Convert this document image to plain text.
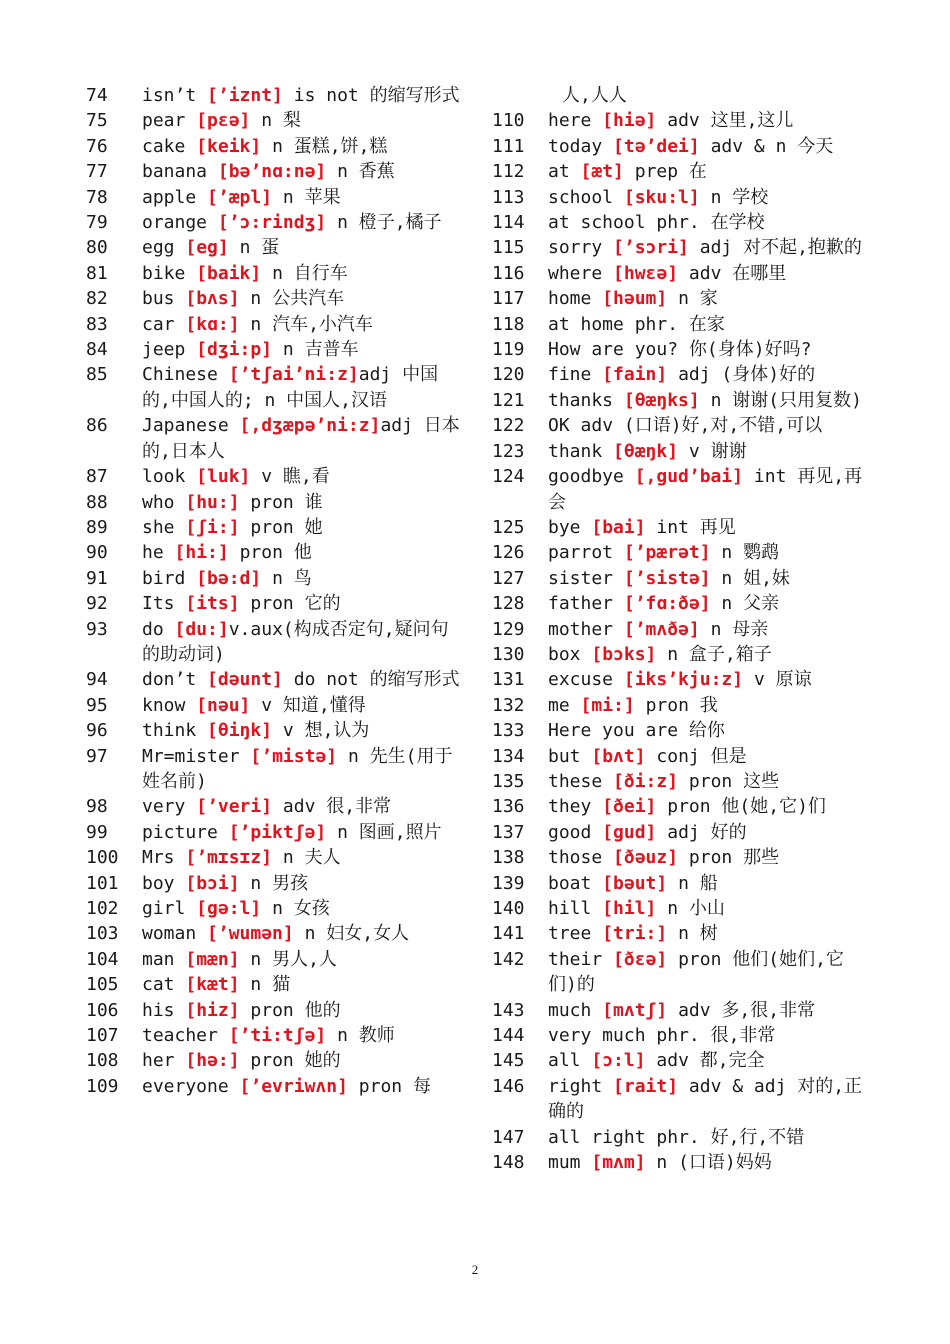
74 isn’t [’iznt] is not 的缩写形式
75 pear [pεə] n 梨
76 cake [keik] n 蛋糕,饼,糕
77 banana [bə’nɑ:nə] n 香蕉
78 apple [’æpl] n 苹果
79 orange [’ɔ:rindʒ] n 橙子,橘子
80 egg [eg] n 蛋
81 bike [baik] n 自行车
82 bus [bʌs] n 公共汽车
83 car [kɑ:] n 汽车,小汽车
84 jeep [dʒi:p] n 吉普车
85 Chinese [’tʃai’ni:z]adj 中国的,中国人的; n 中国人,汉语
86 Japanese [,dʒæpə’ni:z]adj 日本的,日本人
87 look [luk] v 瞧,看
88 who [hu:] pron 谁
89 she [ʃi:] pron 她
90 he [hi:] pron 他
91 bird [bə:d] n 鸟
92 Its [its] pron 它的
93 do [du:]v.aux(构成否定句,疑问句的助动词)
94 don’t [dəunt] do not 的缩写形式
95 know [nəu] v 知道,懂得
96 think [θiŋk] v 想,认为
97 Mr=mister [’mistə] n 先生(用于姓名前)
98 very [’veri] adv 很,非常
99 picture [’piktʃə] n 图画,照片
100 Mrs [’mɪsɪz] n 夫人
101 boy [bɔi] n 男孩
102 girl [gə:l] n 女孩
103 woman [’wumən] n 妇女,女人
104 man [mæn] n 男人,人
105 cat [kæt] n 猫
106 his [hiz] pron 他的
107 teacher [’ti:tʃə] n 教师
108 her [hə:] pron 她的
109 everyone [’evriwʌn] pron 每
人,人人
110 here [hiə] adv 这里,这儿
111 today [tə’dei] adv & n 今天
112 at [æt] prep 在
113 school [sku:l] n 学校
114 at school phr. 在学校
115 sorry [’sɔri] adj 对不起,抱歉的
116 where [hwεə] adv 在哪里
117 home [həum] n 家
118 at home phr. 在家
119 How are you? 你(身体)好吗?
120 fine [fain] adj (身体)好的
121 thanks [θæŋks] n 谢谢(只用复数)
122 OK adv (口语)好,对,不错,可以
123 thank [θæŋk] v 谢谢
124 goodbye [,gud’bai] int 再见,再会
125 bye [bai] int 再见
126 parrot [’pærət] n 鹦鹉
127 sister [’sistə] n 姐,妹
128 father [’fɑ:ðə] n 父亲
129 mother [’mʌðə] n 母亲
130 box [bɔks] n 盒子,箱子
131 excuse [iks’kju:z] v 原谅
132 me [mi:] pron 我
133 Here you are 给你
134 but [bʌt] conj 但是
135 these [ði:z] pron 这些
136 they [ðei] pron 他(她,它)们
137 good [gud] adj 好的
138 those [ðəuz] pron 那些
139 boat [bəut] n 船
140 hill [hil] n 小山
141 tree [tri:] n 树
142 their [ðεə] pron 他们(她们,它们)的
143 much [mʌtʃ] adv 多,很,非常
144 very much phr. 很,非常
145 all [ɔ:l] adv 都,完全
146 right [rait] adv & adj 对的,正确的
147 all right phr. 好,行,不错
148 mum [mʌm] n (口语)妈妈
2
